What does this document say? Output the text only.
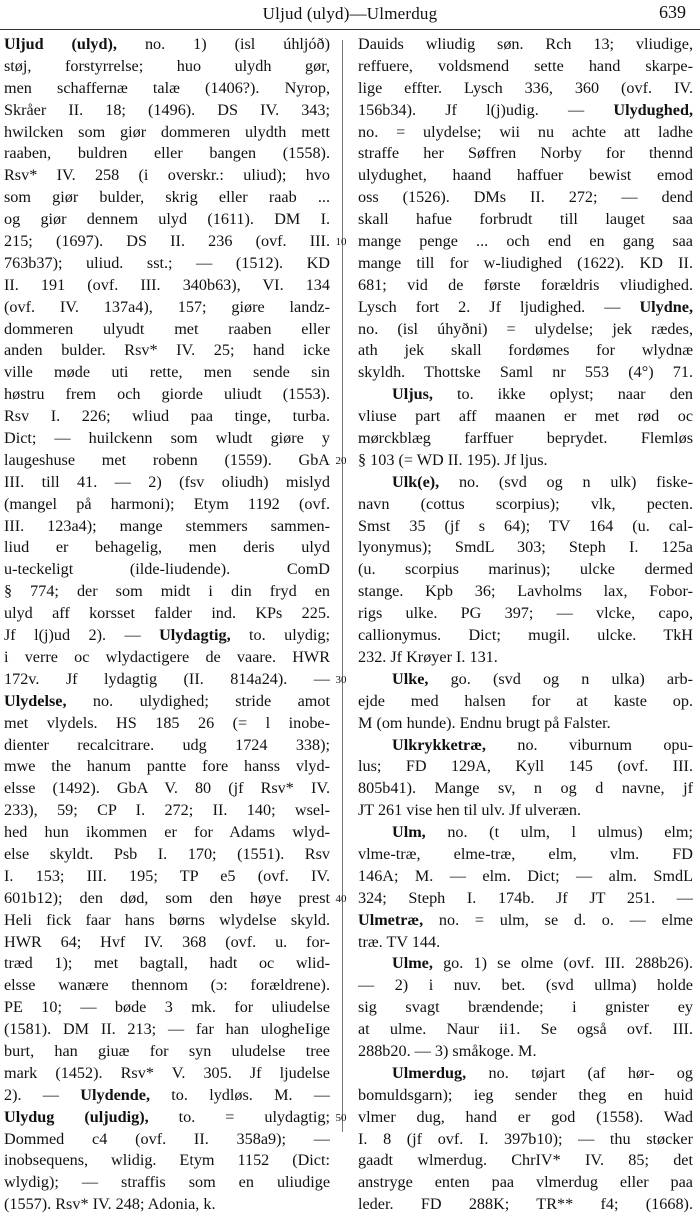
Uljud (ulyd)—Ulmerdug	639
Uljud (ulyd), no. 1) (isl úhljóð)
støj, forstyrrelse; huo ulydh gør,
men schaffernæ talæ (1406?). Nyrop,
Skråer II. 18; (1496). DS IV. 343;
hwilcken som giør dommeren ulydth mett
raaben, buldren eller bangen (1558).
Rsv* IV. 258 (i overskr.: uliud); hvo
som giør bulder, skrig eller raab ...
og giør dennem ulyd (1611). DM I.
215; (1697). DS II. 236 (ovf. III.
763b37); uliud. sst.; — (1512). KD
II. 191 (ovf. III. 340b63), VI. 134
(ovf. IV. 137a4), 157; giøre landz-
dommeren ulyudt met raaben eller
anden bulder. Rsv* IV. 25; hand icke
ville møde uti rette, men sende sin
høstru frem och giorde uliudt (1553).
Rsv I. 226; wliud paa tinge, turba.
Dict; — huilckenn som wludt giøre y
laugeshuse met robenn (1559). GbA
III. till 41. — 2) (fsv oliudh) mislyd
(mangel på harmoni); Etym 1192 (ovf.
III. 123a4); mange stemmers sammen-
liud er behagelig, men deris ulyd
u-teckeligt (ilde-liudende). ComD
§ 774; der som midt i din fryd en
ulyd aff korsset falder ind. KPs 225.
Jf l(j)ud 2). — Ulydagtig, to. ulydig;
i verre oc wlydactigere de vaare. HWR
172v. Jf lydagtig (II. 814a24). —
Ulydelse, no. ulydighed; stride amot
met vlydels. HS 185 26 (= l inobe-
dienter recalcitrare. udg 1724 338);
mwe the hanum pantte fore hanss vlyd-
elsse (1492). GbA V. 80 (jf Rsv* IV.
233), 59; CP I. 272; II. 140; wsel-
hed hun ikommen er for Adams wlyd-
else skyldt. Psb I. 170; (1551). Rsv
I. 153; III. 195; TP e5 (ovf. IV.
601b12); den død, som den høye prest
Heli fick faar hans børns wlydelse skyld.
HWR 64; Hvf IV. 368 (ovf. u. for-
træd 1); met bagtall, hadt oc wlid-
elsse wanære thennom (ɔ: forældrene).
PE 10; — bøde 3 mk. for uliudelse
(1581). DM II. 213; — far han ulogheIige
burt, han giuæ for syn uludelse tree
mark (1452). Rsv* V. 305. Jf ljudelse
2). — Ulydende, to. lydløs. M. —
Ulydug (uljudig), to. = ulydagtig;
Dommed c4 (ovf. II. 358a9); —
inobsequens, wlidig. Etym 1152 (Dict:
wlydig); — straffis som en uliudige
(1557). Rsv* IV. 248; Adonia, k.
10
20
30
40
50
Dauids wliudig søn. Rch 13; vliudige,
reffuere, voldsmend sette hand skarpe-
lige effter. Lysch 336, 360 (ovf. IV.
156b34). Jf l(j)udig. — Ulydughed,
no. = ulydelse; wii nu achte att ladhe
straffe her Søffren Norby for thennd
ulydughet, haand haffuer bewist emod
oss (1526). DMs II. 272; — dend
skall hafue forbrudt till lauget saa
mange penge ... och end en gang saa
mange till for w-liudighed (1622). KD II.
681; vid de første forældris vliudighed.
Lysch fort 2. Jf ljudighed. — Ulydne,
no. (isl úhyðni) = ulydelse; jek rædes,
ath jek skall fordømes for wlydnæ
skyldh. Thottske Saml nr 553 (4°) 71.
Uljus, to. ikke oplyst; naar den
vliuse part aff maanen er met rød oc
mørckblæg farffuer beprydet. Flemløs
§ 103 (= WD II. 195). Jf ljus.
Ulk(e), no. (svd og n ulk) fiske-
navn (cottus scorpius); vlk, pecten.
Smst 35 (jf s 64); TV 164 (u. cal-
lyonymus); SmdL 303; Steph I. 125a
(u. scorpius marinus); ulcke dermed
stange. Kpb 36; Lavholms lax, Fobor-
rigs ulke. PG 397; — vlcke, capo,
callionymus. Dict; mugil. ulcke. TkH
232. Jf Krøyer I. 131.
Ulke, go. (svd og n ulka) arb-
ejde med halsen for at kaste op.
M (om hunde). Endnu brugt på Falster.
Ulkrykketræ, no. viburnum opu-
lus; FD 129A, Kyll 145 (ovf. III.
805b41). Mange sv, n og d navne, jf
JT 261 vise hen til ulv. Jf ulveræn.
Ulm, no. (t ulm, l ulmus) elm;
vlme-træ, elme-træ, elm, vlm. FD
146A; M. — elm. Dict; — alm. SmdL
324; Steph I. 174b. Jf JT 251. —
Ulmetræ, no. = ulm, se d. o. — elme
træ. TV 144.
Ulme, go. 1) se olme (ovf. III. 288b26).
— 2) i nuv. bet. (svd ullma) holde
sig svagt brændende; i gnister ey
at ulme. Naur ii1. Se også ovf. III.
288b20. — 3) småkoge. M.
Ulmerdug, no. tøjart (af hør- og
bomuldsgarn); ieg sender theg en huid
vlmer dug, hand er god (1558). Wad
I. 8 (jf ovf. I. 397b10); — thu støcker
gaadt wlmerdug. ChrIV* IV. 85; det
anstryge enten paa vlmerdug eller paa
leder. FD 288K; TR** f4; (1668).
